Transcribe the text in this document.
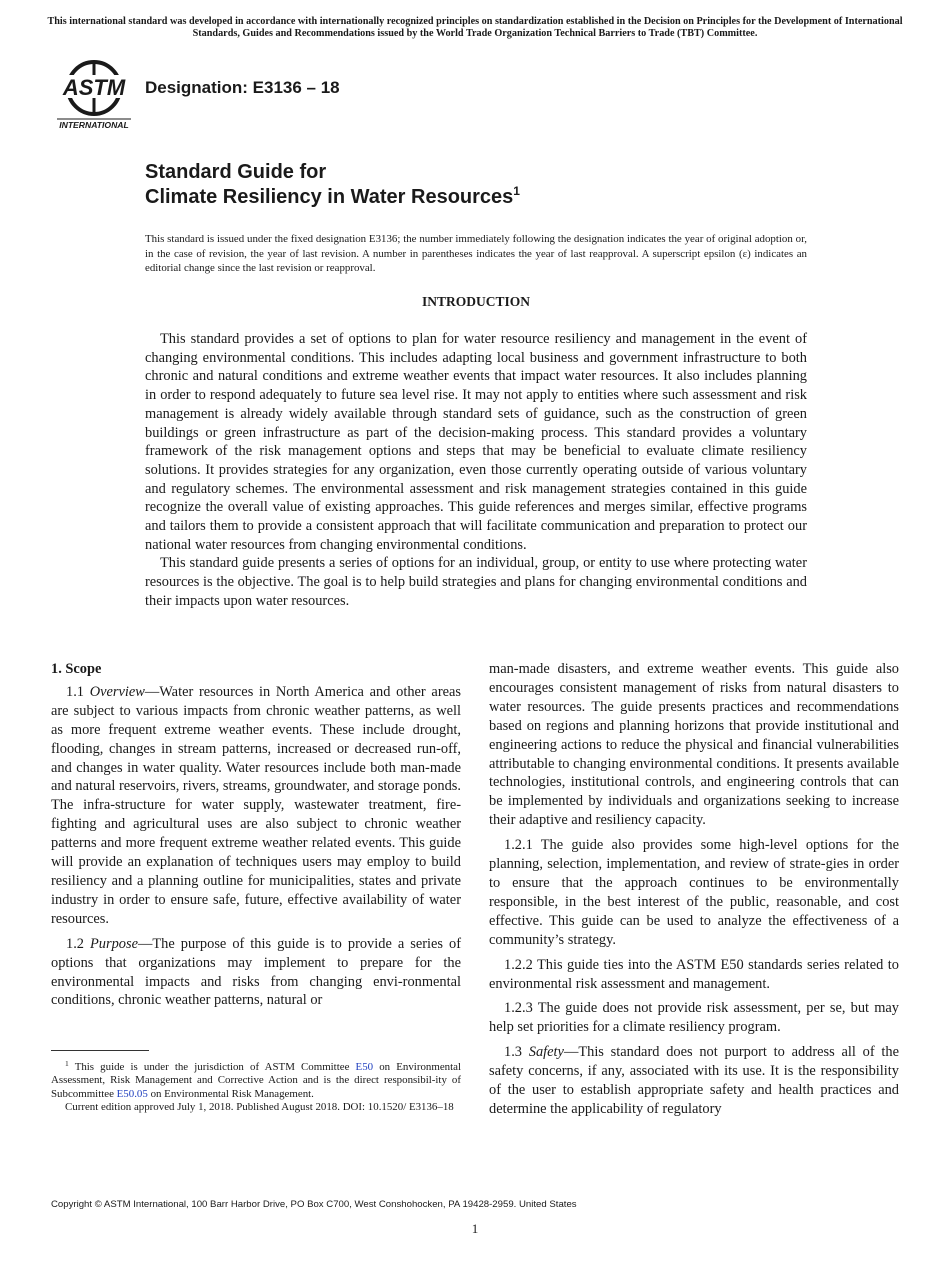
This international standard was developed in accordance with internationally recognized principles on standardization established in the Decision on Principles for the Development of International Standards, Guides and Recommendations issued by the World Trade Organization Technical Barriers to Trade (TBT) Committee.
ASTM
INTERNATIONAL
Designation: E3136 – 18
Standard Guide for
Climate Resiliency in Water Resources$^1$
This standard is issued under the fixed designation E3136; the number immediately following the designation indicates the year of original adoption or, in the case of revision, the year of last revision. A number in parentheses indicates the year of last reapproval. A superscript epsilon (ε) indicates an editorial change since the last revision or reapproval.
INTRODUCTION

This standard provides a set of options to plan for water resource resiliency and management in the event of changing environmental conditions. This includes adapting local business and government infrastructure to both chronic and natural conditions and extreme weather events that impact water resources. It also includes planning in order to respond adequately to future sea level rise. It may not apply to entities where such assessment and risk management is already widely available through standard sets of guidance, such as the construction of green buildings or green infrastructure as part of the decision-making process. This standard provides a voluntary framework of the risk management options and steps that may be beneficial to evaluate climate resiliency solutions. It provides strategies for any organization, even those currently operating outside of various voluntary and regulatory schemes. The environmental assessment and risk management strategies contained in this guide recognize the overall value of existing approaches. This guide references and merges similar, effective programs and tailors them to provide a consistent approach that will facilitate communication and preparation to protect our national water resources from changing environmental conditions.

This standard guide presents a series of options for an individual, group, or entity to use where protecting water resources is the objective. The goal is to help build strategies and plans for changing environmental conditions and their impacts upon water resources.

1. Scope

1.1 Overview—Water resources in North America and other areas are subject to various impacts from chronic weather patterns, as well as more frequent extreme weather events. These include drought, flooding, changes in stream patterns, increased or decreased run-off, and changes in water quality. Water resources include both man-made and natural reservoirs, rivers, streams, groundwater, and storage ponds. The infra-structure for water supply, wastewater treatment, fire-fighting and agricultural uses are also subject to chronic weather patterns and more frequent extreme weather related events. This guide will provide an explanation of techniques users may employ to build resiliency and a planning outline for municipalities, states and private industry in order to ensure safe, future, effective availability of water resources.

1.2 Purpose—The purpose of this guide is to provide a series of options that organizations may implement to prepare for the environmental impacts and risks from changing envi-ronmental conditions, chronic weather patterns, natural or

man-made disasters, and extreme weather events. This guide also encourages consistent management of risks from natural disasters to water resources. The guide presents practices and recommendations based on regions and planning horizons that provide institutional and engineering actions to reduce the physical and financial vulnerabilities attributable to changing environmental conditions. It presents available technologies, institutional controls, and engineering controls that can be implemented by individuals and organizations seeking to increase their adaptive and resiliency capacity.

1.2.1 The guide also provides some high-level options for the planning, selection, implementation, and review of strate-gies in order to ensure that the approach continues to be environmentally responsible, in the best interest of the public, reasonable, and cost effective. This guide can be used to analyze the effectiveness of a community’s strategy.

1.2.2 This guide ties into the ASTM E50 standards series related to environmental risk assessment and management.

1.2.3 The guide does not provide risk assessment, per se, but may help set priorities for a climate resiliency program.

1.3 Safety—This standard does not purport to address all of the safety concerns, if any, associated with its use. It is the responsibility of the user to establish appropriate safety and health practices and determine the applicability of regulatory

$^1$ This guide is under the jurisdiction of ASTM Committee E50 on Environmental Assessment, Risk Management and Corrective Action and is the direct responsibil-ity of Subcommittee E50.05 on Environmental Risk Management.

Current edition approved July 1, 2018. Published August 2018. DOI: 10.1520/ E3136–18

Copyright © ASTM International, 100 Barr Harbor Drive, PO Box C700, West Conshohocken, PA 19428-2959. United States
1
